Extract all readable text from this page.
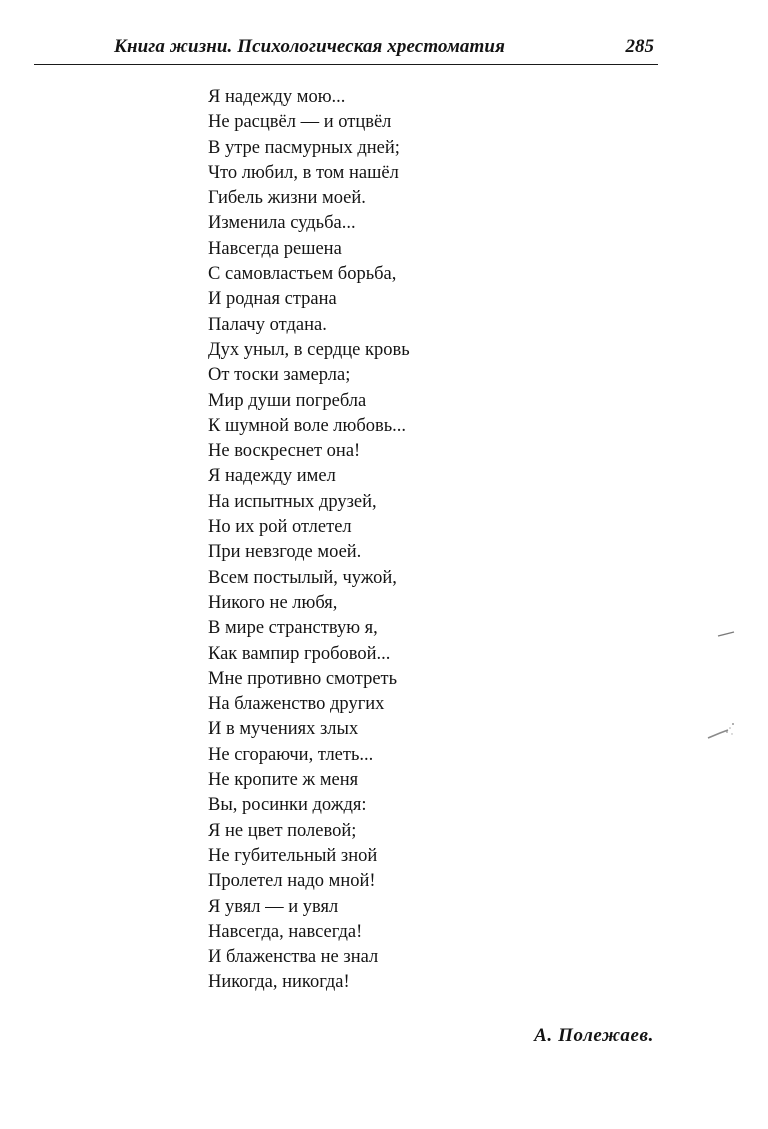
Книга жизни. Психологическая хрестоматия	285
Я надежду мою...
Не расцвёл — и отцвёл
В утре пасмурных дней;
Что любил, в том нашёл
Гибель жизни моей.
Изменила судьба...
Навсегда решена
С самовластьем борьба,
И родная страна
Палачу отдана.
Дух уныл, в сердце кровь
От тоски замерла;
Мир души погребла
К шумной воле любовь...
Не воскреснет она!
Я надежду имел
На испытных друзей,
Но их рой отлетел
При невзгоде моей.
Всем постылый, чужой,
Никого не любя,
В мире странствую я,
Как вампир гробовой...
Мне противно смотреть
На блаженство других
И в мучениях злых
Не сгораючи, тлеть...
Не кропите ж меня
Вы, росинки дождя:
Я не цвет полевой;
Не губительный зной
Пролетел надо мной!
Я увял — и увял
Навсегда, навсегда!
И блаженства не знал
Никогда, никогда!
А. Полежаев.
